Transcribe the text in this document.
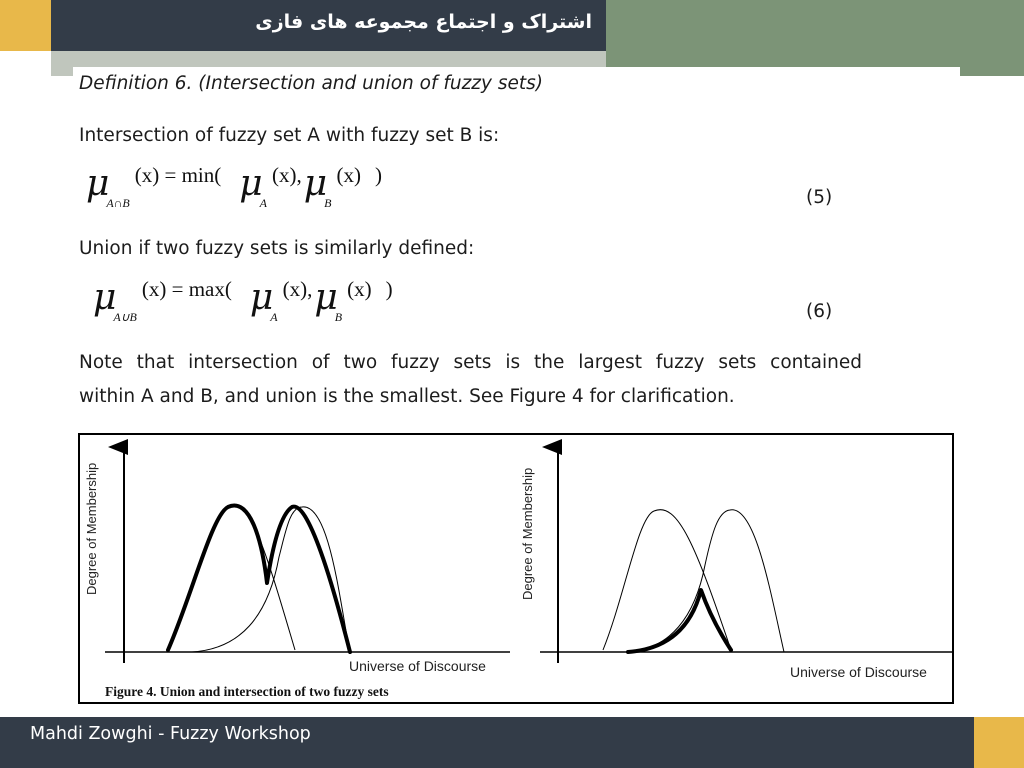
اشتراک و اجتماع مجموعه های فازی
Definition 6. (Intersection and union of fuzzy sets)
Intersection of fuzzy set A with fuzzy set B is:
$\mu_{A\cap B}(x) = \min$( $\mu_A(x),\mu_B(x)$ )
(5)
Union if two fuzzy sets is similarly defined:
$\mu_{A\cup B}(x) = \max$( $\mu_A(x),\mu_B(x)$ )
(6)
Note that intersection of two fuzzy sets is the largest fuzzy sets contained
within A and B, and union is the smallest. See Figure 4 for clarification.
Degree of Membership
Universe of Discourse
Degree of Membership
Universe of Discourse
Figure 4. Union and intersection of two fuzzy sets
Mahdi Zowghi - Fuzzy Workshop
